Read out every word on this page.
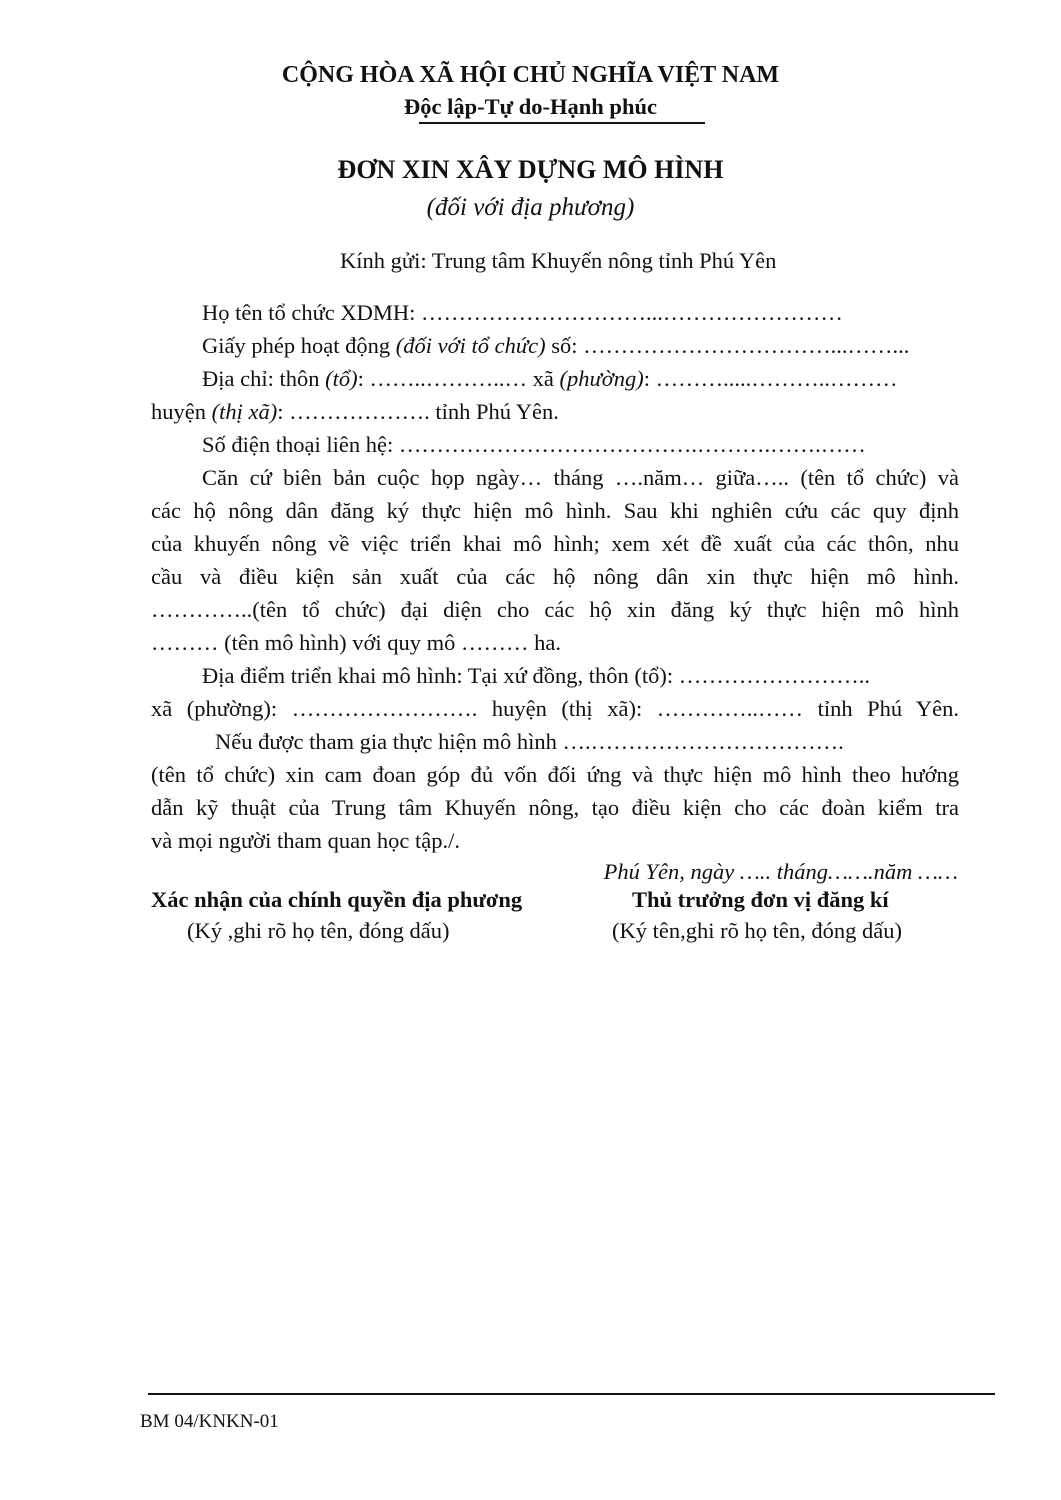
CỘNG HÒA XÃ HỘI CHỦ NGHĨA VIỆT NAM
Độc lập-Tự do-Hạnh phúc
ĐƠN XIN XÂY DỰNG MÔ HÌNH
(đối với địa phương)
Kính gửi: Trung tâm Khuyến nông tỉnh Phú Yên
Họ tên tổ chức XDMH: …………………………...……………………
Giấy phép hoạt động (đối với tổ chức) số: ……………………………...……...
Địa chỉ: thôn (tổ): ……..………..… xã (phường): ……….....………..………
huyện (thị xã): ………………. tỉnh Phú Yên.
Số điện thoại liên hệ: ………………………………….……….…….……
Căn cứ biên bản cuộc họp ngày… tháng ….năm… giữa….. (tên tổ chức) và
các hộ nông dân đăng ký thực hiện mô hình. Sau khi nghiên cứu các quy định
của khuyến nông về việc triển khai mô hình; xem xét đề xuất của các thôn, nhu
cầu và điều kiện sản xuất của các hộ nông dân xin thực hiện mô hình.
…………..(tên tổ chức) đại diện cho các hộ xin đăng ký thực hiện mô hình
……… (tên mô hình) với quy mô ……… ha.
Địa điểm triển khai mô hình: Tại xứ đồng, thôn (tổ): ……………………..
xã (phường): ……………………. huyện (thị xã): …………..…… tỉnh Phú Yên.
Nếu được tham gia thực hiện mô hình ….…………………………….
(tên tổ chức) xin cam đoan góp đủ vốn đối ứng và thực hiện mô hình theo hướng
dẫn kỹ thuật của Trung tâm Khuyến nông, tạo điều kiện cho các đoàn kiểm tra
và mọi người tham quan học tập./.
Phú Yên, ngày ….. tháng…….năm ……
Xác nhận của chính quyền địa phương
(Ký ,ghi rõ họ tên, đóng dấu)
Thủ trưởng đơn vị đăng kí
(Ký tên,ghi rõ họ tên, đóng dấu)
BM 04/KNKN-01
